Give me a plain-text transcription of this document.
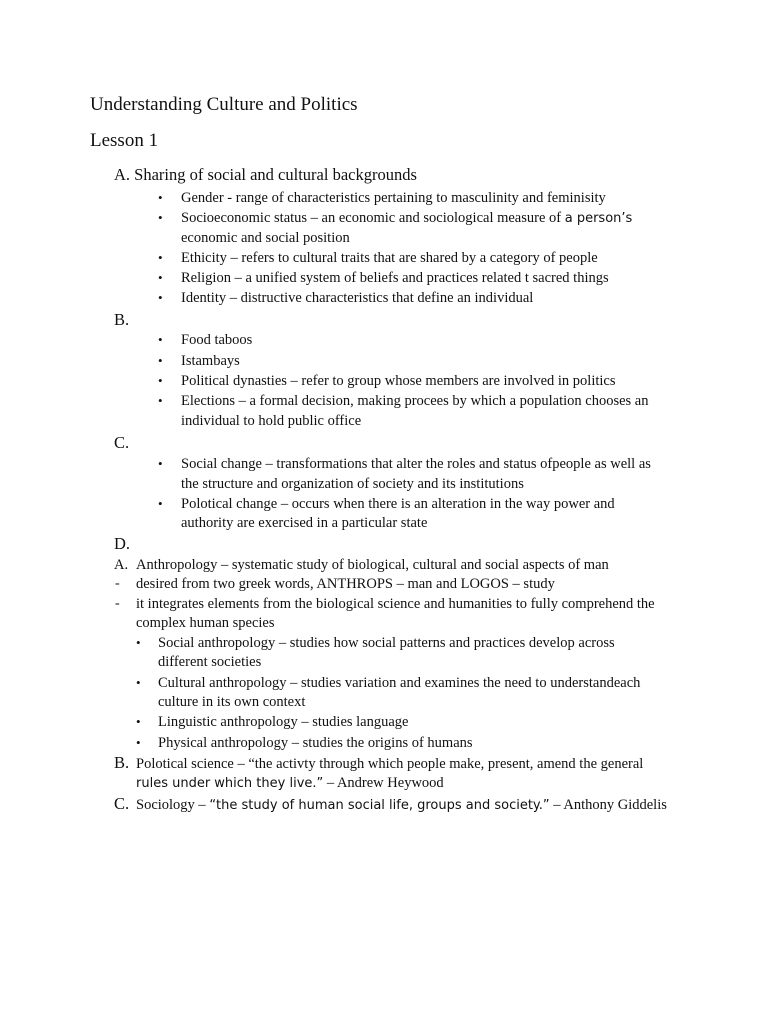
Understanding Culture and Politics
Lesson 1
A. Sharing of social and cultural backgrounds
• Gender - range of characteristics pertaining to masculinity and feminisity
• Socioeconomic status – an economic and sociological measure of a person’s
economic and social position
• Ethicity – refers to cultural traits that are shared by a category of people
• Religion – a unified system of beliefs and practices related t sacred things
• Identity – distructive characteristics that define an individual
B.
• Food taboos
• Istambays
• Political dynasties – refer to group whose members are involved in politics
• Elections – a formal decision, making procees by which a population chooses an
individual to hold public office
C.
• Social change – transformations that alter the roles and status ofpeople as well as
the structure and organization of society and its institutions
• Polotical change – occurs when there is an alteration in the way power and
authority are exercised in a particular state
D.
A. Anthropology – systematic study of biological, cultural and social aspects of man
- desired from two greek words, ANTHROPS – man and LOGOS – study
- it integrates elements from the biological science and humanities to fully comprehend the
complex human species
• Social anthropology – studies how social patterns and practices develop across
different societies
• Cultural anthropology – studies variation and examines the need to understandeach
culture in its own context
• Linguistic anthropology – studies language
• Physical anthropology – studies the origins of humans
B. Polotical science – “the activty through which people make, present, amend the general
rules under which they live.” – Andrew Heywood
C. Sociology – “the study of human social life, groups and society.” – Anthony Giddelis
